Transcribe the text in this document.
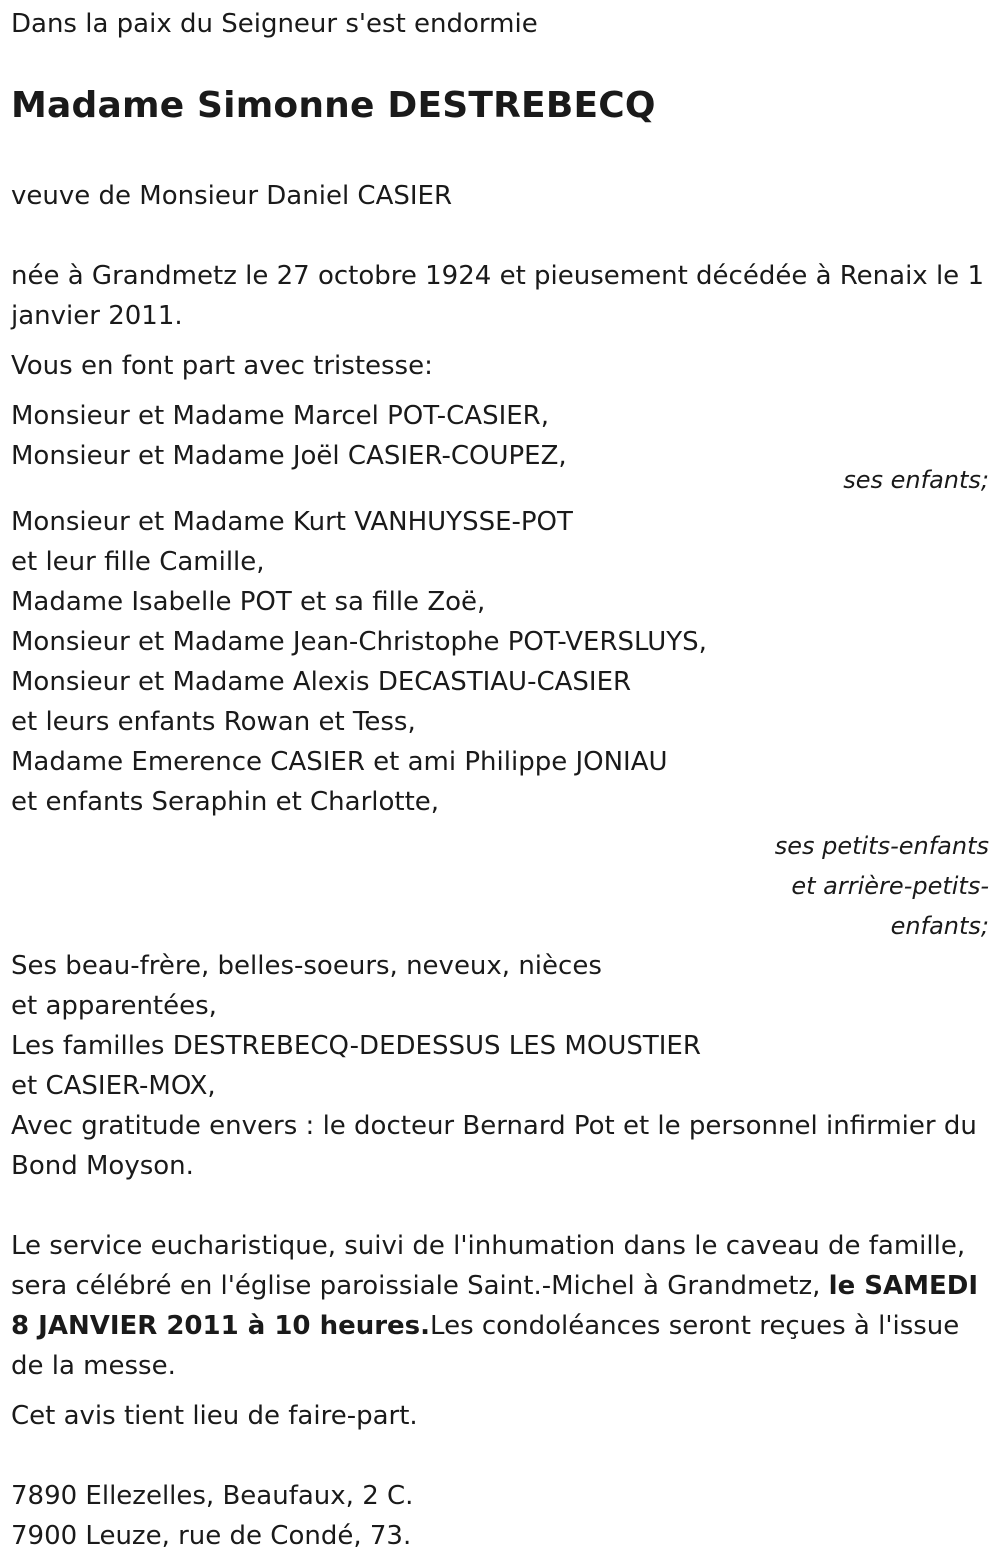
Dans la paix du Seigneur s'est endormie
Madame Simonne DESTREBECQ
veuve de Monsieur Daniel CASIER

née à Grandmetz le 27 octobre 1924 et pieusement décédée à Renaix le 1 janvier 2011.

Vous en font part avec tristesse:
Monsieur et Madame Marcel POT-CASIER,
Monsieur et Madame Joël CASIER-COUPEZ,
ses enfants;
Monsieur et Madame Kurt VANHUYSSE-POT
et leur fille Camille,
Madame Isabelle POT et sa fille Zoë,
Monsieur et Madame Jean-Christophe POT-VERSLUYS,
Monsieur et Madame Alexis DECASTIAU-CASIER
et leurs enfants Rowan et Tess,
Madame Emerence CASIER et ami Philippe JONIAU
et enfants Seraphin et Charlotte,
ses petits-enfants
et arrière-petits-
enfants;
Ses beau-frère, belles-soeurs, neveux, nièces
et apparentées,
Les familles DESTREBECQ-DEDESSUS LES MOUSTIER
et CASIER-MOX,

Avec gratitude envers : le docteur Bernard Pot et le personnel infirmier du Bond Moyson.

Le service eucharistique, suivi de l'inhumation dans le caveau de famille, sera célébré en l'église paroissiale Saint.-Michel à Grandmetz, le SAMEDI 8 JANVIER 2011 à 10 heures.Les condoléances seront reçues à l'issue de la messe.

Cet avis tient lieu de faire-part.
7890 Ellezelles, Beaufaux, 2 C.
7900 Leuze, rue de Condé, 73.
